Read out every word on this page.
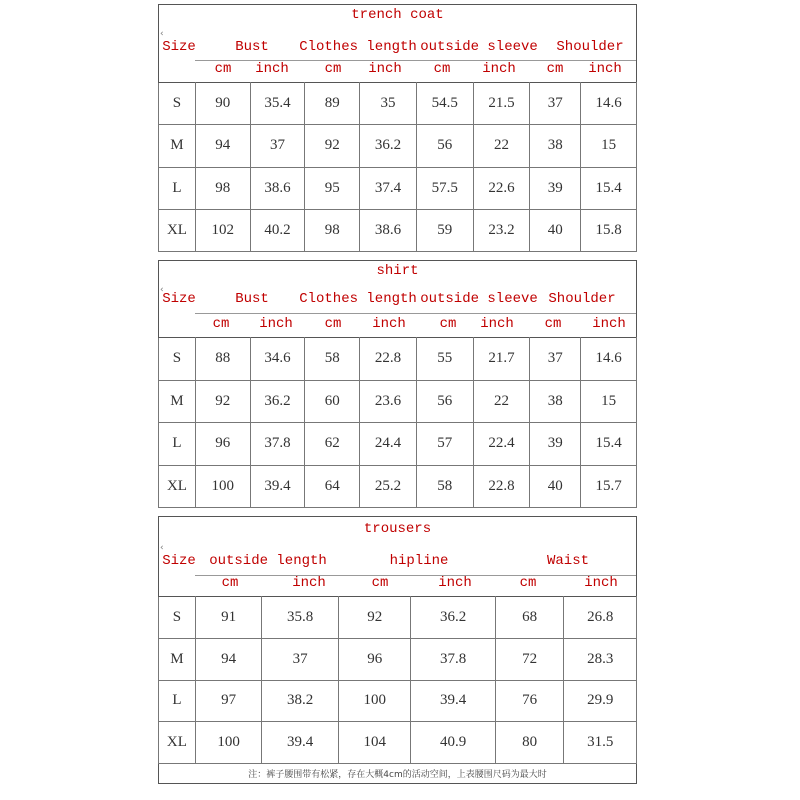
trench coat
Size	Bust	Clothes length outside sleeve	Shoulder
cm	inch	cm	inch	cm	inch	cm	inch
‹
S	90	35.4	89	35	54.5	21.5	37	14.6
M	94	37	92	36.2	56	22	38	15
L	98	38.6	95	37.4	57.5	22.6	39	15.4
XL	102	40.2	98	38.6	59	23.2	40	15.8
shirt
Size	Bust	Clothes length outside sleeve Shoulder
cm	inch	cm	inch	cm	inch	cm	inch
‹
S	88	34.6	58	22.8	55	21.7	37	14.6
M	92	36.2	60	23.6	56	22	38	15
L	96	37.8	62	24.4	57	22.4	39	15.4
XL	100	39.4	64	25.2	58	22.8	40	15.7
trousers
Size outside length	hipline	Waist
cm	inch	cm	inch	cm	inch
‹
S	91	35.8	92	36.2	68	26.8
M	94	37	96	37.8	72	28.3
L	97	38.2	100	39.4	76	29.9
XL	100	39.4	104	40.9	80	31.5
注：裤子腰围带有松紧，存在大概4cm的活动空间，上表腰围尺码为最大时
